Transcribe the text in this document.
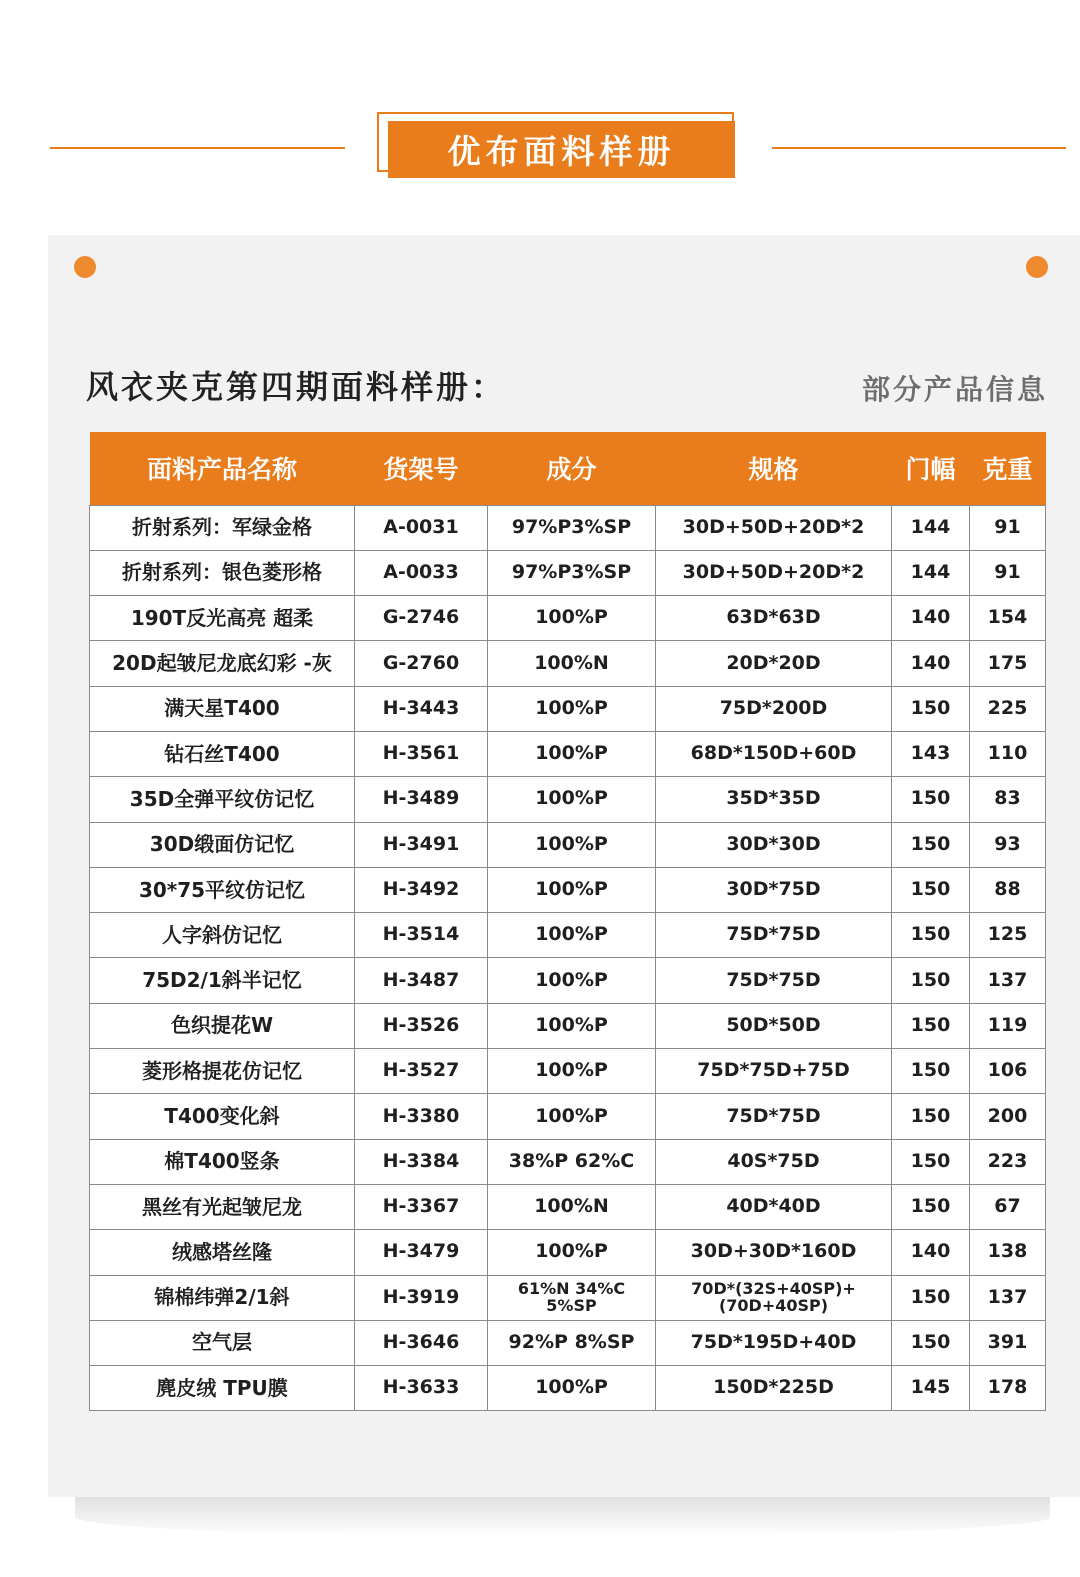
优布面料样册
风衣夹克第四期面料样册：	部分产品信息
面料产品名称	货架号	成分	规格	门幅	克重
折射系列：军绿金格	A-0031	97%P3%SP	30D+50D+20D*2	144	91
折射系列：银色菱形格	A-0033	97%P3%SP	30D+50D+20D*2	144	91
190T反光高亮 超柔	G-2746	100%P	63D*63D	140	154
20D起皱尼龙底幻彩 -灰	G-2760	100%N	20D*20D	140	175
满天星T400	H-3443	100%P	75D*200D	150	225
钻石丝T400	H-3561	100%P	68D*150D+60D	143	110
35D全弹平纹仿记忆	H-3489	100%P	35D*35D	150	83
30D缎面仿记忆	H-3491	100%P	30D*30D	150	93
30*75平纹仿记忆	H-3492	100%P	30D*75D	150	88
人字斜仿记忆	H-3514	100%P	75D*75D	150	125
75D2/1斜半记忆	H-3487	100%P	75D*75D	150	137
色织提花W	H-3526	100%P	50D*50D	150	119
菱形格提花仿记忆	H-3527	100%P	75D*75D+75D	150	106
T400变化斜	H-3380	100%P	75D*75D	150	200
棉T400竖条	H-3384	38%P 62%C	40S*75D	150	223
黑丝有光起皱尼龙	H-3367	100%N	40D*40D	150	67
绒感塔丝隆	H-3479	100%P	30D+30D*160D	140	138
锦棉纬弹2/1斜	H-3919	61%N 34%C 5%SP	70D*(32S+40SP)+ (70D+40SP)	150	137
空气层	H-3646	92%P 8%SP	75D*195D+40D	150	391
麂皮绒 TPU膜	H-3633	100%P	150D*225D	145	178
